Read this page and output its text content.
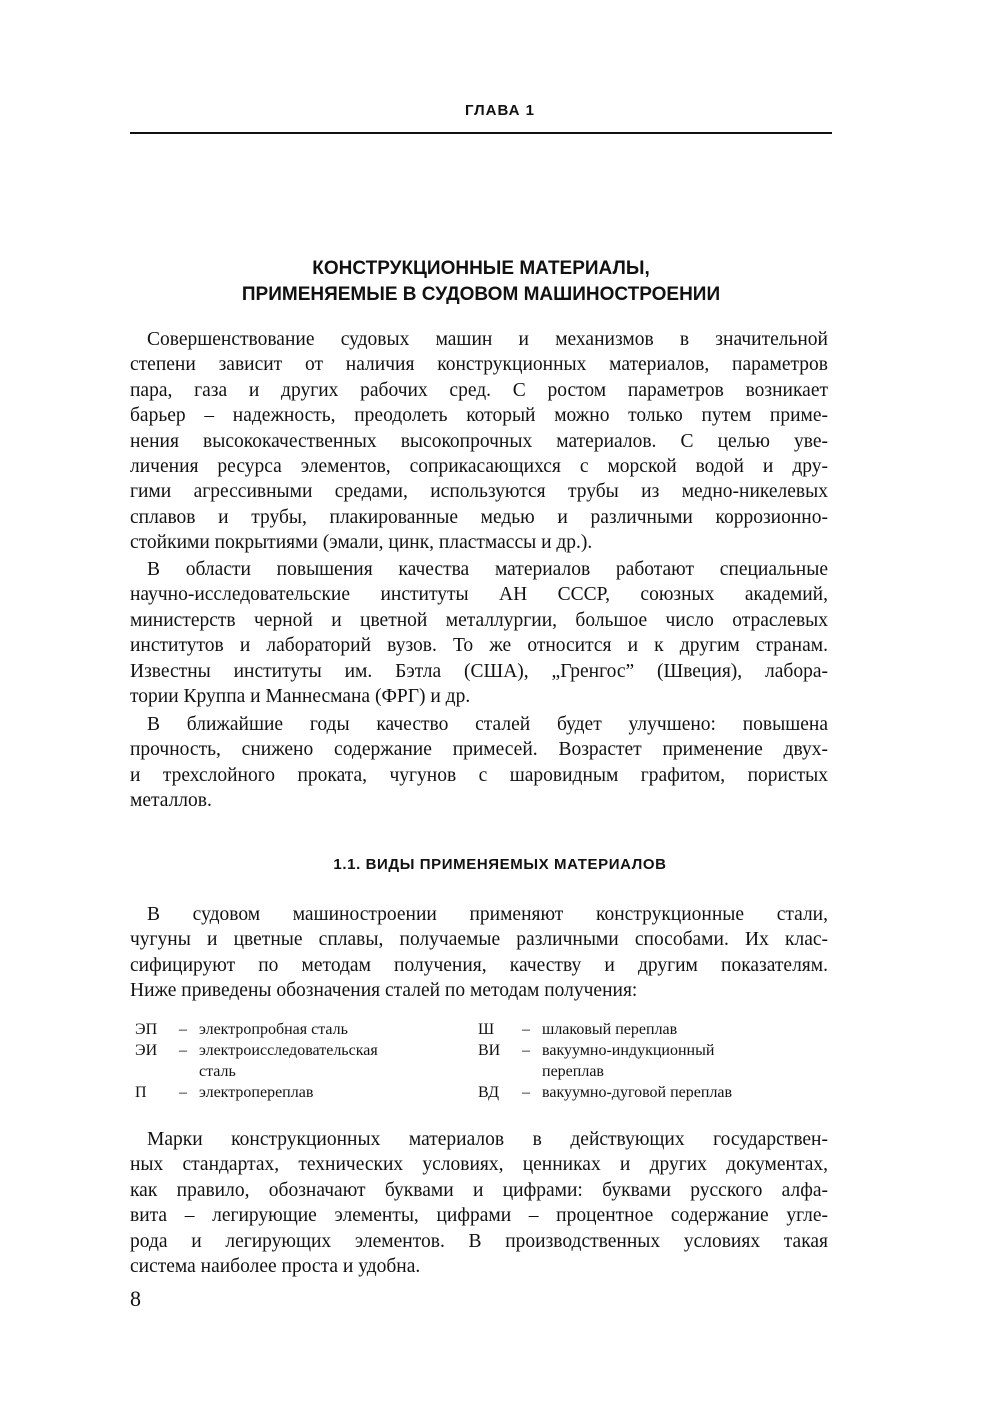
ГЛАВА 1
КОНСТРУКЦИОННЫЕ МАТЕРИАЛЫ,
ПРИМЕНЯЕМЫЕ В СУДОВОМ МАШИНОСТРОЕНИИ
Совершенствование судовых машин и механизмов в значительной
степени зависит от наличия конструкционных материалов, параметров
пара, газа и других рабочих сред. С ростом параметров возникает
барьер – надежность, преодолеть который можно только путем приме-
нения высококачественных высокопрочных материалов. С целью уве-
личения ресурса элементов, соприкасающихся с морской водой и дру-
гими агрессивными средами, используются трубы из медно-никелевых
сплавов и трубы, плакированные медью и различными коррозионно-
стойкими покрытиями (эмали, цинк, пластмассы и др.).
В области повышения качества материалов работают специальные
научно-исследовательские институты АН СССР, союзных академий,
министерств черной и цветной металлургии, большое число отраслевых
институтов и лабораторий вузов. То же относится и к другим странам.
Известны институты им. Бэтла (США), „Гренгос” (Швеция), лабора-
тории Круппа и Маннесмана (ФРГ) и др.
В ближайшие годы качество сталей будет улучшено: повышена
прочность, снижено содержание примесей. Возрастет применение двух-
и трехслойного проката, чугунов с шаровидным графитом, пористых
металлов.
1.1. ВИДЫ ПРИМЕНЯЕМЫХ МАТЕРИАЛОВ
В судовом машиностроении применяют конструкционные стали,
чугуны и цветные сплавы, получаемые различными способами. Их клас-
сифицируют по методам получения, качеству и другим показателям.
Ниже приведены обозначения сталей по методам получения:
ЭП	– электропробная сталь
ЭИ	– электроисследовательская
сталь
П	– электропереплав
Ш	– шлаковый переплав
ВИ	– вакуумно-индукционный
переплав
ВД	– вакуумно-дуговой переплав
Марки конструкционных материалов в действующих государствен-
ных стандартах, технических условиях, ценниках и других документах,
как правило, обозначают буквами и цифрами: буквами русского алфа-
вита – легирующие элементы, цифрами – процентное содержание угле-
рода и легирующих элементов. В производственных условиях такая
система наиболее проста и удобна.
8
